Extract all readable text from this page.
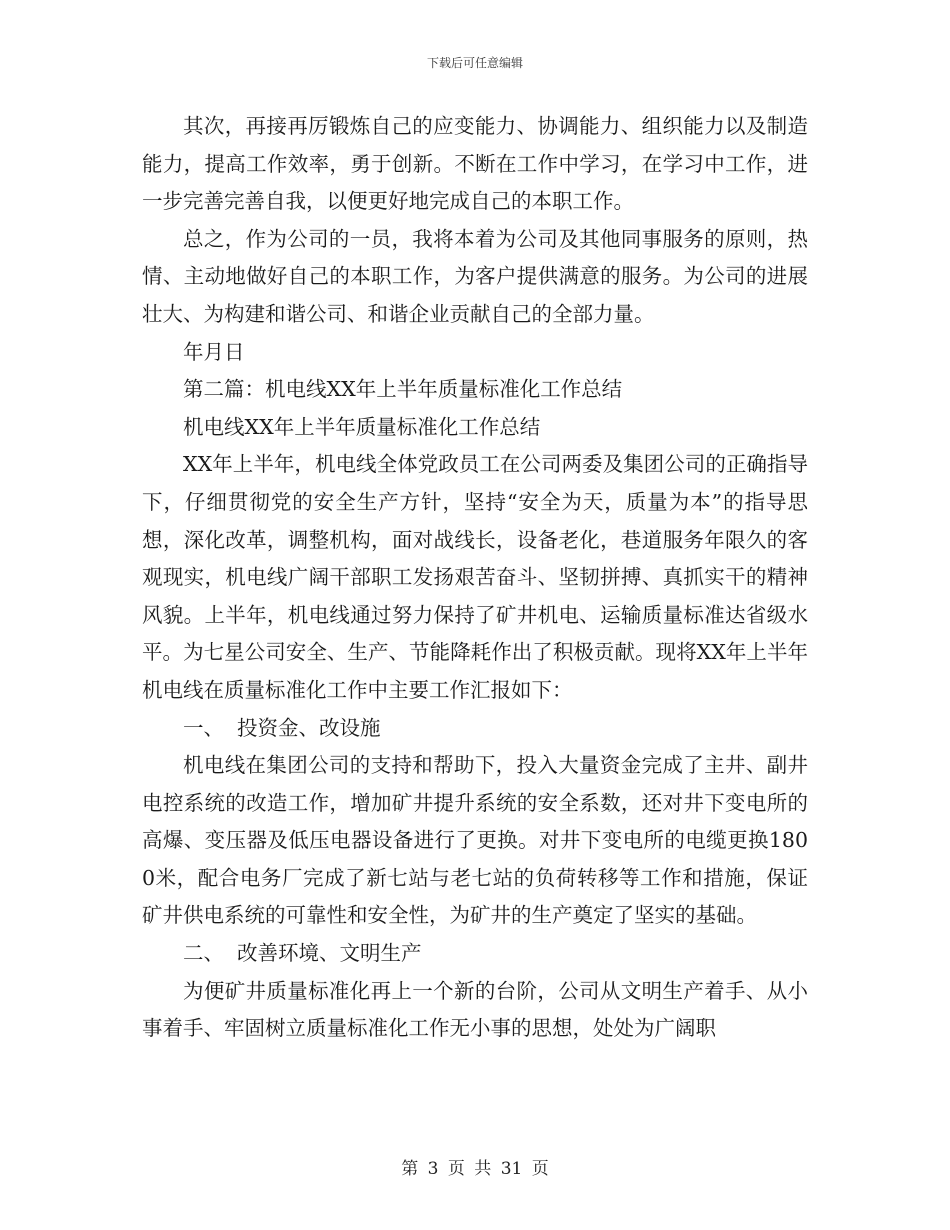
下载后可任意编辑

其次，再接再厉锻炼自己的应变能力、协调能力、组织能力以及制造能力，提高工作效率，勇于创新。不断在工作中学习，在学习中工作，进一步完善完善自我，以便更好地完成自己的本职工作。

总之，作为公司的一员，我将本着为公司及其他同事服务的原则，热情、主动地做好自己的本职工作，为客户提供满意的服务。为公司的进展壮大、为构建和谐公司、和谐企业贡献自己的全部力量。

年月日

第二篇：机电线XX年上半年质量标准化工作总结

机电线XX年上半年质量标准化工作总结

XX年上半年，机电线全体党政员工在公司两委及集团公司的正确指导下，仔细贯彻党的安全生产方针，坚持“安全为天，质量为本”的指导思想，深化改革，调整机构，面对战线长，设备老化，巷道服务年限久的客观现实，机电线广阔干部职工发扬艰苦奋斗、坚韧拼搏、真抓实干的精神风貌。上半年，机电线通过努力保持了矿井机电、运输质量标准达省级水平。为七星公司安全、生产、节能降耗作出了积极贡献。现将XX年上半年机电线在质量标准化工作中主要工作汇报如下：

一、  投资金、改设施

机电线在集团公司的支持和帮助下，投入大量资金完成了主井、副井电控系统的改造工作，增加矿井提升系统的安全系数，还对井下变电所的高爆、变压器及低压电器设备进行了更换。对井下变电所的电缆更换1800米，配合电务厂完成了新七站与老七站的负荷转移等工作和措施，保证矿井供电系统的可靠性和安全性，为矿井的生产奠定了坚实的基础。

二、  改善环境、文明生产

为便矿井质量标准化再上一个新的台阶，公司从文明生产着手、从小事着手、牢固树立质量标准化工作无小事的思想，处处为广阔职

第 3 页 共 31 页
